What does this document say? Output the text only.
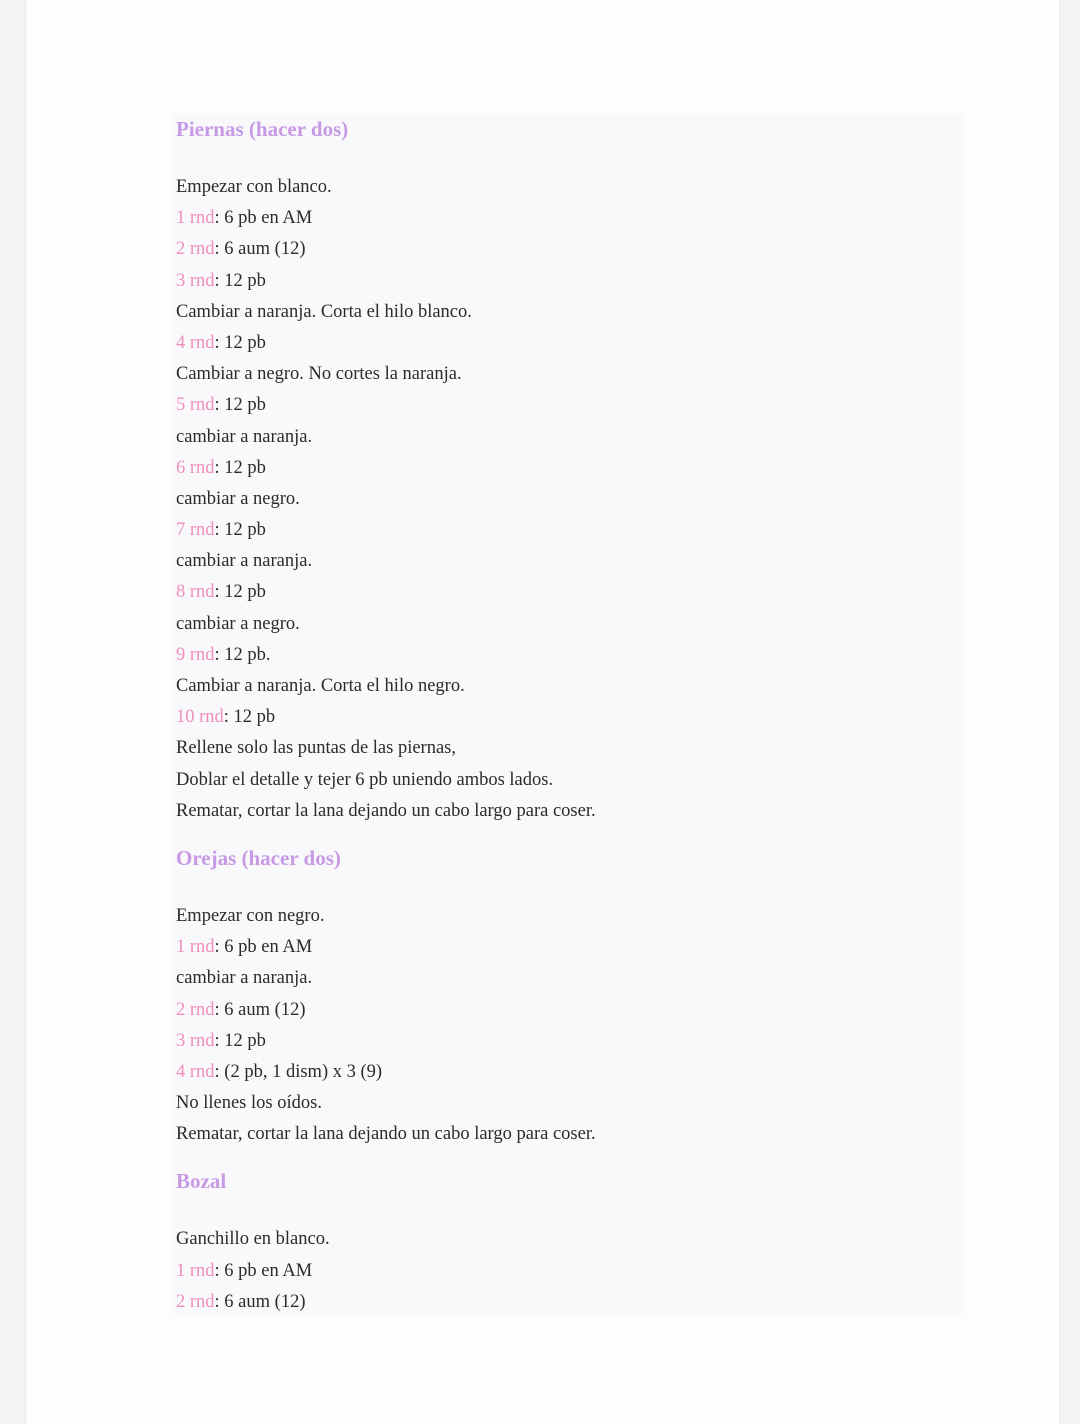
Piernas (hacer dos)
Empezar con blanco.
1 rnd: 6 pb en AM
2 rnd: 6 aum (12)
3 rnd: 12 pb
Cambiar a naranja. Corta el hilo blanco.
4 rnd: 12 pb
Cambiar a negro. No cortes la naranja.
5 rnd: 12 pb
cambiar a naranja.
6 rnd: 12 pb
cambiar a negro.
7 rnd: 12 pb
cambiar a naranja.
8 rnd: 12 pb
cambiar a negro.
9 rnd: 12 pb.
Cambiar a naranja. Corta el hilo negro.
10 rnd: 12 pb
Rellene solo las puntas de las piernas,
Doblar el detalle y tejer 6 pb uniendo ambos lados.
Rematar, cortar la lana dejando un cabo largo para coser.
Orejas (hacer dos)
Empezar con negro.
1 rnd: 6 pb en AM
cambiar a naranja.
2 rnd: 6 aum (12)
3 rnd: 12 pb
4 rnd: (2 pb, 1 dism) x 3 (9)
No llenes los oídos.
Rematar, cortar la lana dejando un cabo largo para coser.
Bozal
Ganchillo en blanco.
1 rnd: 6 pb en AM
2 rnd: 6 aum (12)
